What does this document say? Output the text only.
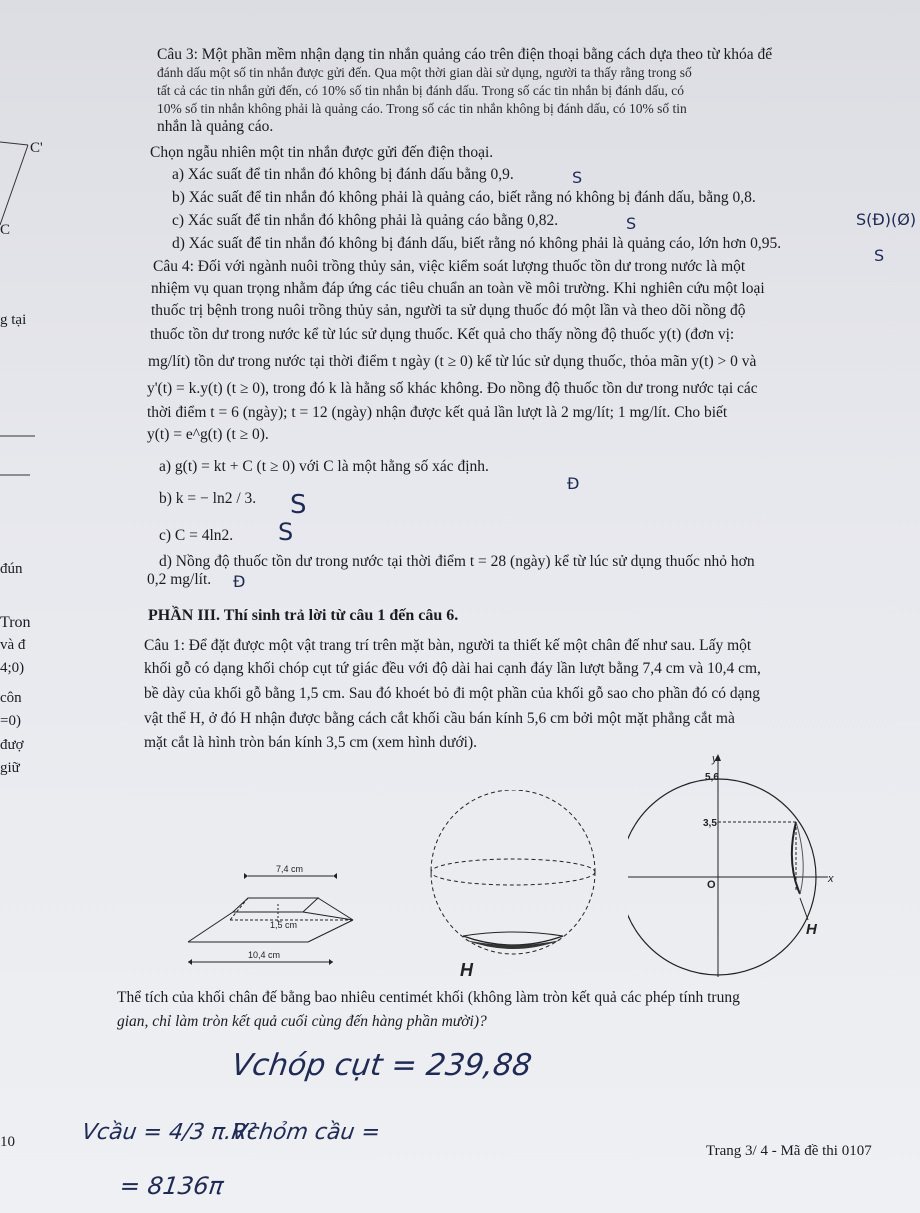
C'
C
g tại
đún
Tron
và đ
4;0)
côn
=0)
đượ
giữ
10
Câu 3: Một phần mềm nhận dạng tin nhắn quảng cáo trên điện thoại bằng cách dựa theo từ khóa để
đánh dấu một số tin nhắn được gửi đến. Qua một thời gian dài sử dụng, người ta thấy rằng trong số
tất cả các tin nhắn gửi đến, có 10% số tin nhắn bị đánh dấu. Trong số các tin nhắn bị đánh dấu, có
10% số tin nhắn không phải là quảng cáo. Trong số các tin nhắn không bị đánh dấu, có 10% số tin
nhắn là quảng cáo.
Chọn ngẫu nhiên một tin nhắn được gửi đến điện thoại.
a) Xác suất để tin nhắn đó không bị đánh dấu bằng 0,9.
b) Xác suất để tin nhắn đó không phải là quảng cáo, biết rằng nó không bị đánh dấu, bằng 0,8.
c) Xác suất để tin nhắn đó không phải là quảng cáo bằng 0,82.
d) Xác suất để tin nhắn đó không bị đánh dấu, biết rằng nó không phải là quảng cáo, lớn hơn 0,95.
S
S(Đ)(Ø)
S
S
Câu 4: Đối với ngành nuôi trồng thủy sản, việc kiểm soát lượng thuốc tồn dư trong nước là một
nhiệm vụ quan trọng nhằm đáp ứng các tiêu chuẩn an toàn về môi trường. Khi nghiên cứu một loại
thuốc trị bệnh trong nuôi trồng thủy sản, người ta sử dụng thuốc đó một lần và theo dõi nồng độ
thuốc tồn dư trong nước kể từ lúc sử dụng thuốc. Kết quả cho thấy nồng độ thuốc y(t) (đơn vị:
mg/lít) tồn dư trong nước tại thời điểm t ngày (t ≥ 0) kể từ lúc sử dụng thuốc, thỏa mãn y(t) > 0 và
y'(t) = k.y(t) (t ≥ 0), trong đó k là hằng số khác không. Đo nồng độ thuốc tồn dư trong nước tại các
thời điểm t = 6 (ngày); t = 12 (ngày) nhận được kết quả lần lượt là 2 mg/lít; 1 mg/lít. Cho biết
y(t) = e^g(t) (t ≥ 0).
a) g(t) = kt + C (t ≥ 0) với C là một hằng số xác định.
b) k = − ln2 / 3.
c) C = 4ln2.
d) Nồng độ thuốc tồn dư trong nước tại thời điểm t = 28 (ngày) kể từ lúc sử dụng thuốc nhỏ hơn
0,2 mg/lít.
Đ
S
S
Đ
PHẦN III. Thí sinh trả lời từ câu 1 đến câu 6.
Câu 1: Để đặt được một vật trang trí trên mặt bàn, người ta thiết kế một chân đế như sau. Lấy một
khối gỗ có dạng khối chóp cụt tứ giác đều với độ dài hai cạnh đáy lần lượt bằng 7,4 cm và 10,4 cm,
bề dày của khối gỗ bằng 1,5 cm. Sau đó khoét bỏ đi một phần của khối gỗ sao cho phần đó có dạng
vật thể H, ở đó H nhận được bằng cách cắt khối cầu bán kính 5,6 cm bởi một mặt phẳng cắt mà
mặt cắt là hình tròn bán kính 3,5 cm (xem hình dưới).
7,4 cm
1,5 cm
10,4 cm
H
y
x
5,6
3,5
O
H
Thể tích của khối chân đế bằng bao nhiêu centimét khối (không làm tròn kết quả các phép tính trung
gian, chỉ làm tròn kết quả cuối cùng đến hàng phần mười)?
Vchóp cụt = 239,88
Vcầu = 4/3 π.R²
Vchỏm cầu =
= 8136π
Trang 3/ 4 - Mã đề thi 0107
